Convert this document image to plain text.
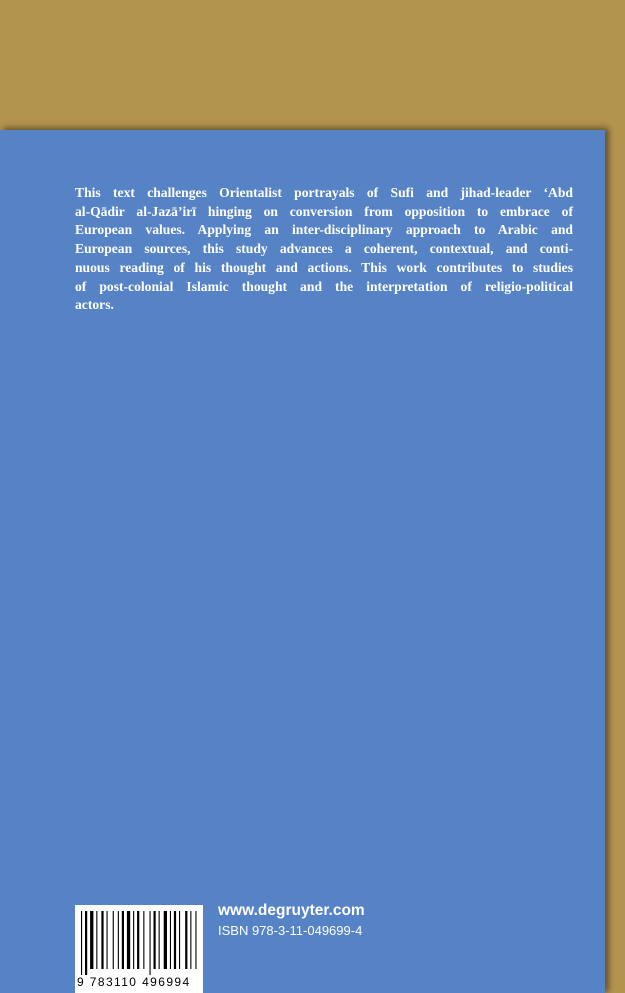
This text challenges Orientalist portrayals of Sufi and jihad-leader ‘Abd
al-Qādir al-Jazā’irī hinging on conversion from opposition to embrace of
European values. Applying an inter-disciplinary approach to Arabic and
European sources, this study advances a coherent, contextual, and conti-
nuous reading of his thought and actions. This work contributes to studies
of post-colonial Islamic thought and the interpretation of religio-political
actors.

9 783110 496994
www.degruyter.com
ISBN 978-3-11-049699-4
